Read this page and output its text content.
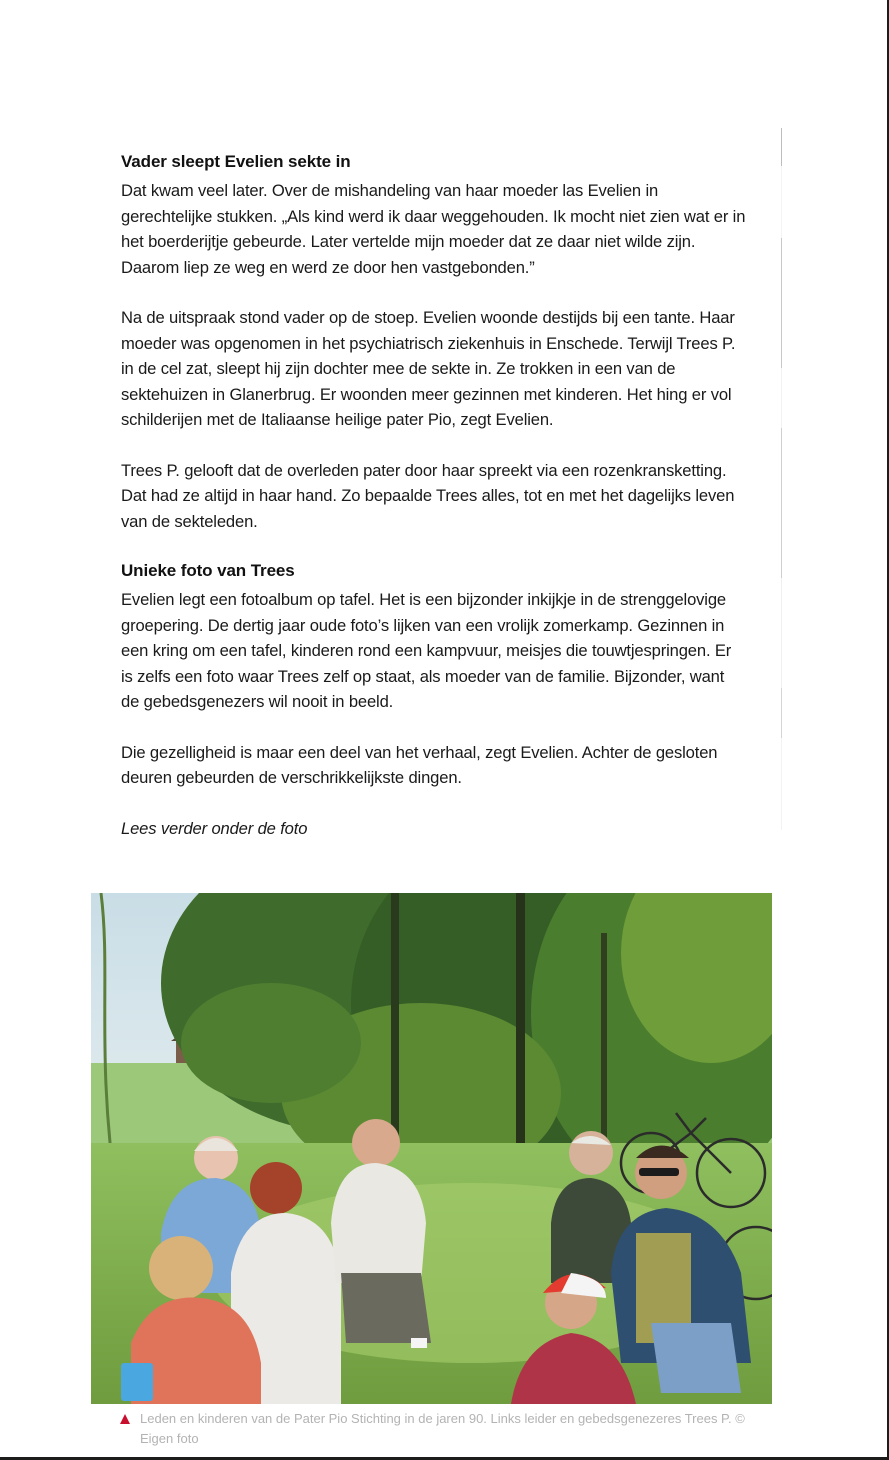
Vader sleept Evelien sekte in

Dat kwam veel later. Over de mishandeling van haar moeder las Evelien in gerechtelijke stukken. „Als kind werd ik daar weggehouden. Ik mocht niet zien wat er in het boerderijtje gebeurde. Later vertelde mijn moeder dat ze daar niet wilde zijn. Daarom liep ze weg en werd ze door hen vastgebonden.”

Na de uitspraak stond vader op de stoep. Evelien woonde destijds bij een tante. Haar moeder was opgenomen in het psychiatrisch ziekenhuis in Enschede. Terwijl Trees P. in de cel zat, sleept hij zijn dochter mee de sekte in. Ze trokken in een van de sektehuizen in Glanerbrug. Er woonden meer gezinnen met kinderen. Het hing er vol schilderijen met de Italiaanse heilige pater Pio, zegt Evelien.

Trees P. gelooft dat de overleden pater door haar spreekt via een rozenkransketting. Dat had ze altijd in haar hand. Zo bepaalde Trees alles, tot en met het dagelijks leven van de sekteleden.

Unieke foto van Trees

Evelien legt een fotoalbum op tafel. Het is een bijzonder inkijkje in de strenggelovige groepering. De dertig jaar oude foto’s lijken van een vrolijk zomerkamp. Gezinnen in een kring om een tafel, kinderen rond een kampvuur, meisjes die touwtjespringen. Er is zelfs een foto waar Trees zelf op staat, als moeder van de familie. Bijzonder, want de gebedsgenezers wil nooit in beeld.

Die gezelligheid is maar een deel van het verhaal, zegt Evelien. Achter de gesloten deuren gebeurden de verschrikkelijkste dingen.

Lees verder onder de foto

Leden en kinderen van de Pater Pio Stichting in de jaren 90. Links leider en gebedsgenezeres Trees P. © Eigen foto
